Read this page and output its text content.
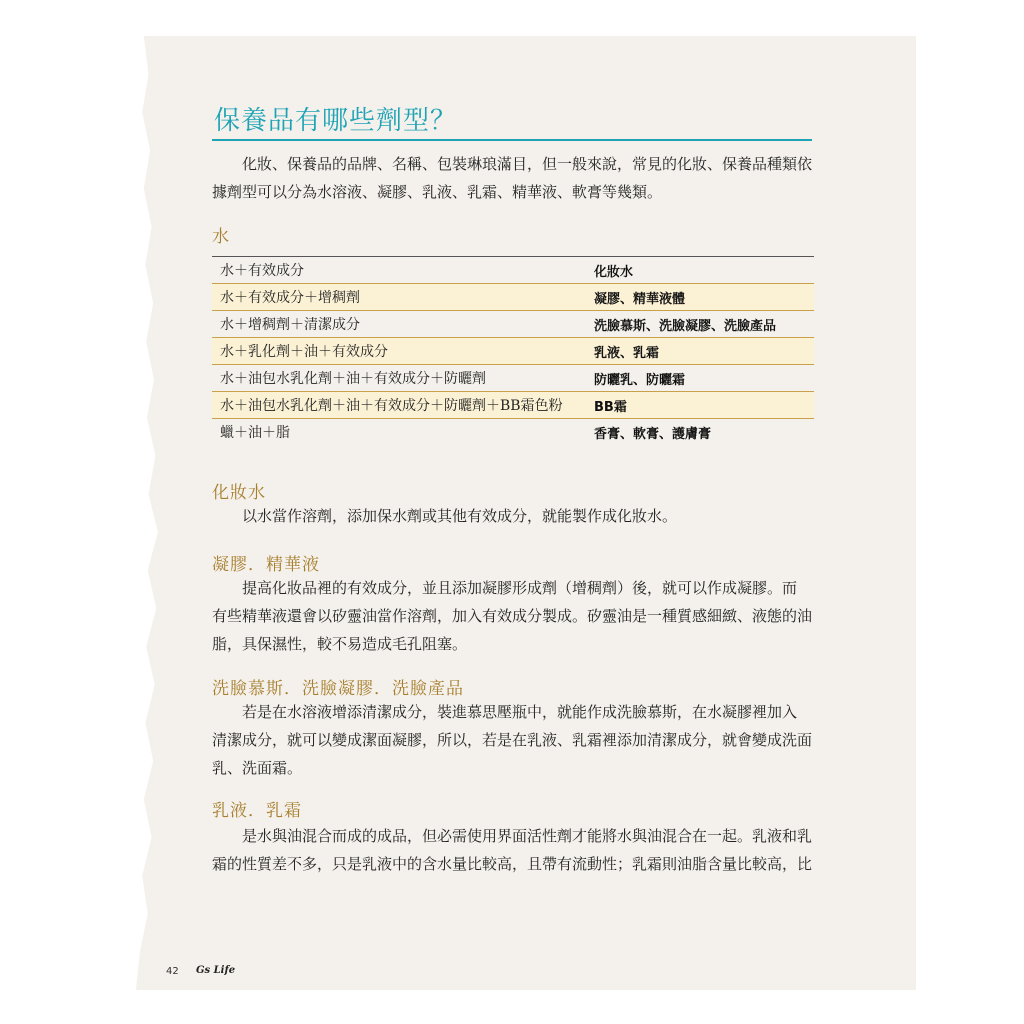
保養品有哪些劑型？
化妝、保養品的品牌、名稱、包裝琳琅滿目，但一般來說，常見的化妝、保養品種類依
據劑型可以分為水溶液、凝膠、乳液、乳霜、精華液、軟膏等幾類。
水
水＋有效成分	化妝水
水＋有效成分＋增稠劑	凝膠、精華液體
水＋增稠劑＋清潔成分	洗臉慕斯、洗臉凝膠、洗臉產品
水＋乳化劑＋油＋有效成分	乳液、乳霜
水＋油包水乳化劑＋油＋有效成分＋防曬劑	防曬乳、防曬霜
水＋油包水乳化劑＋油＋有效成分＋防曬劑＋BB霜色粉	BB霜
蠟＋油＋脂	香膏、軟膏、護膚膏
化妝水
以水當作溶劑，添加保水劑或其他有效成分，就能製作成化妝水。
凝膠．精華液
提高化妝品裡的有效成分，並且添加凝膠形成劑（增稠劑）後，就可以作成凝膠。而
有些精華液還會以矽靈油當作溶劑，加入有效成分製成。矽靈油是一種質感細緻、液態的油
脂，具保濕性，較不易造成毛孔阻塞。
洗臉慕斯．洗臉凝膠．洗臉產品
若是在水溶液增添清潔成分，裝進慕思壓瓶中，就能作成洗臉慕斯，在水凝膠裡加入
清潔成分，就可以變成潔面凝膠，所以，若是在乳液、乳霜裡添加清潔成分，就會變成洗面
乳、洗面霜。
乳液．乳霜
是水與油混合而成的成品，但必需使用界面活性劑才能將水與油混合在一起。乳液和乳
霜的性質差不多，只是乳液中的含水量比較高，且帶有流動性；乳霜則油脂含量比較高，比
42 Gs Life
